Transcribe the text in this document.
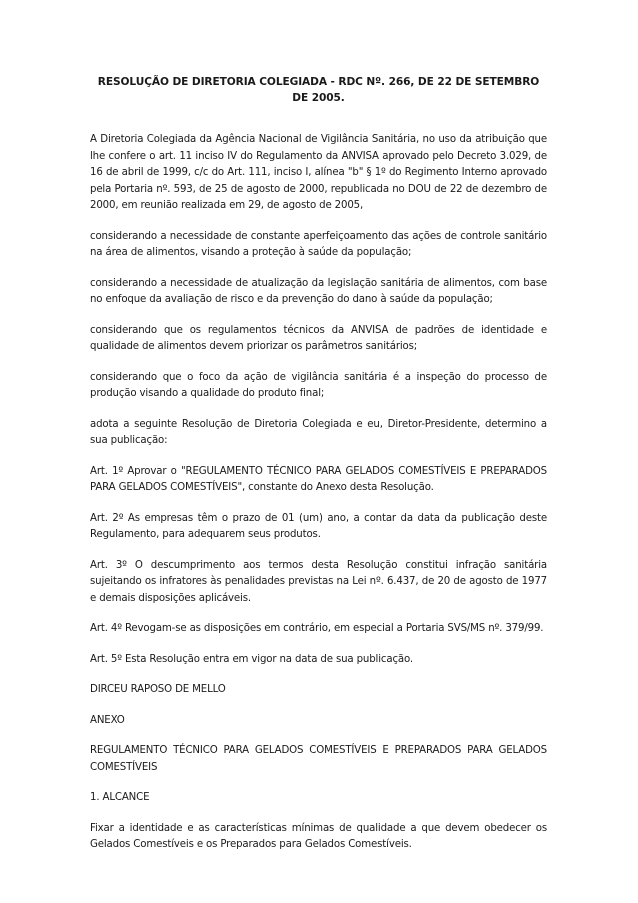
RESOLUÇÃO DE DIRETORIA COLEGIADA - RDC Nº. 266, DE 22 DE SETEMBRO DE 2005.

A Diretoria Colegiada da Agência Nacional de Vigilância Sanitária, no uso da atribuição que lhe confere o art. 11 inciso IV do Regulamento da ANVISA aprovado pelo Decreto 3.029, de 16 de abril de 1999, c/c do Art. 111, inciso I, alínea "b" § 1º do Regimento Interno aprovado pela Portaria nº. 593, de 25 de agosto de 2000, republicada no DOU de 22 de dezembro de 2000, em reunião realizada em 29, de agosto de 2005,

considerando a necessidade de constante aperfeiçoamento das ações de controle sanitário na área de alimentos, visando a proteção à saúde da população;

considerando a necessidade de atualização da legislação sanitária de alimentos, com base no enfoque da avaliação de risco e da prevenção do dano à saúde da população;

considerando que os regulamentos técnicos da ANVISA de padrões de identidade e qualidade de alimentos devem priorizar os parâmetros sanitários;

considerando que o foco da ação de vigilância sanitária é a inspeção do processo de produção visando a qualidade do produto final;

adota a seguinte Resolução de Diretoria Colegiada e eu, Diretor-Presidente, determino a sua publicação:

Art. 1º Aprovar o "REGULAMENTO TÉCNICO PARA GELADOS COMESTÍVEIS E PREPARADOS PARA GELADOS COMESTÍVEIS", constante do Anexo desta Resolução.

Art. 2º As empresas têm o prazo de 01 (um) ano, a contar da data da publicação deste Regulamento, para adequarem seus produtos.

Art. 3º O descumprimento aos termos desta Resolução constitui infração sanitária sujeitando os infratores às penalidades previstas na Lei nº. 6.437, de 20 de agosto de 1977 e demais disposições aplicáveis.

Art. 4º Revogam-se as disposições em contrário, em especial a Portaria SVS/MS nº. 379/99.

Art. 5º Esta Resolução entra em vigor na data de sua publicação.

DIRCEU RAPOSO DE MELLO

ANEXO

REGULAMENTO TÉCNICO PARA GELADOS COMESTÍVEIS E PREPARADOS PARA GELADOS COMESTÍVEIS

1. ALCANCE

Fixar a identidade e as características mínimas de qualidade a que devem obedecer os Gelados Comestíveis e os Preparados para Gelados Comestíveis.
